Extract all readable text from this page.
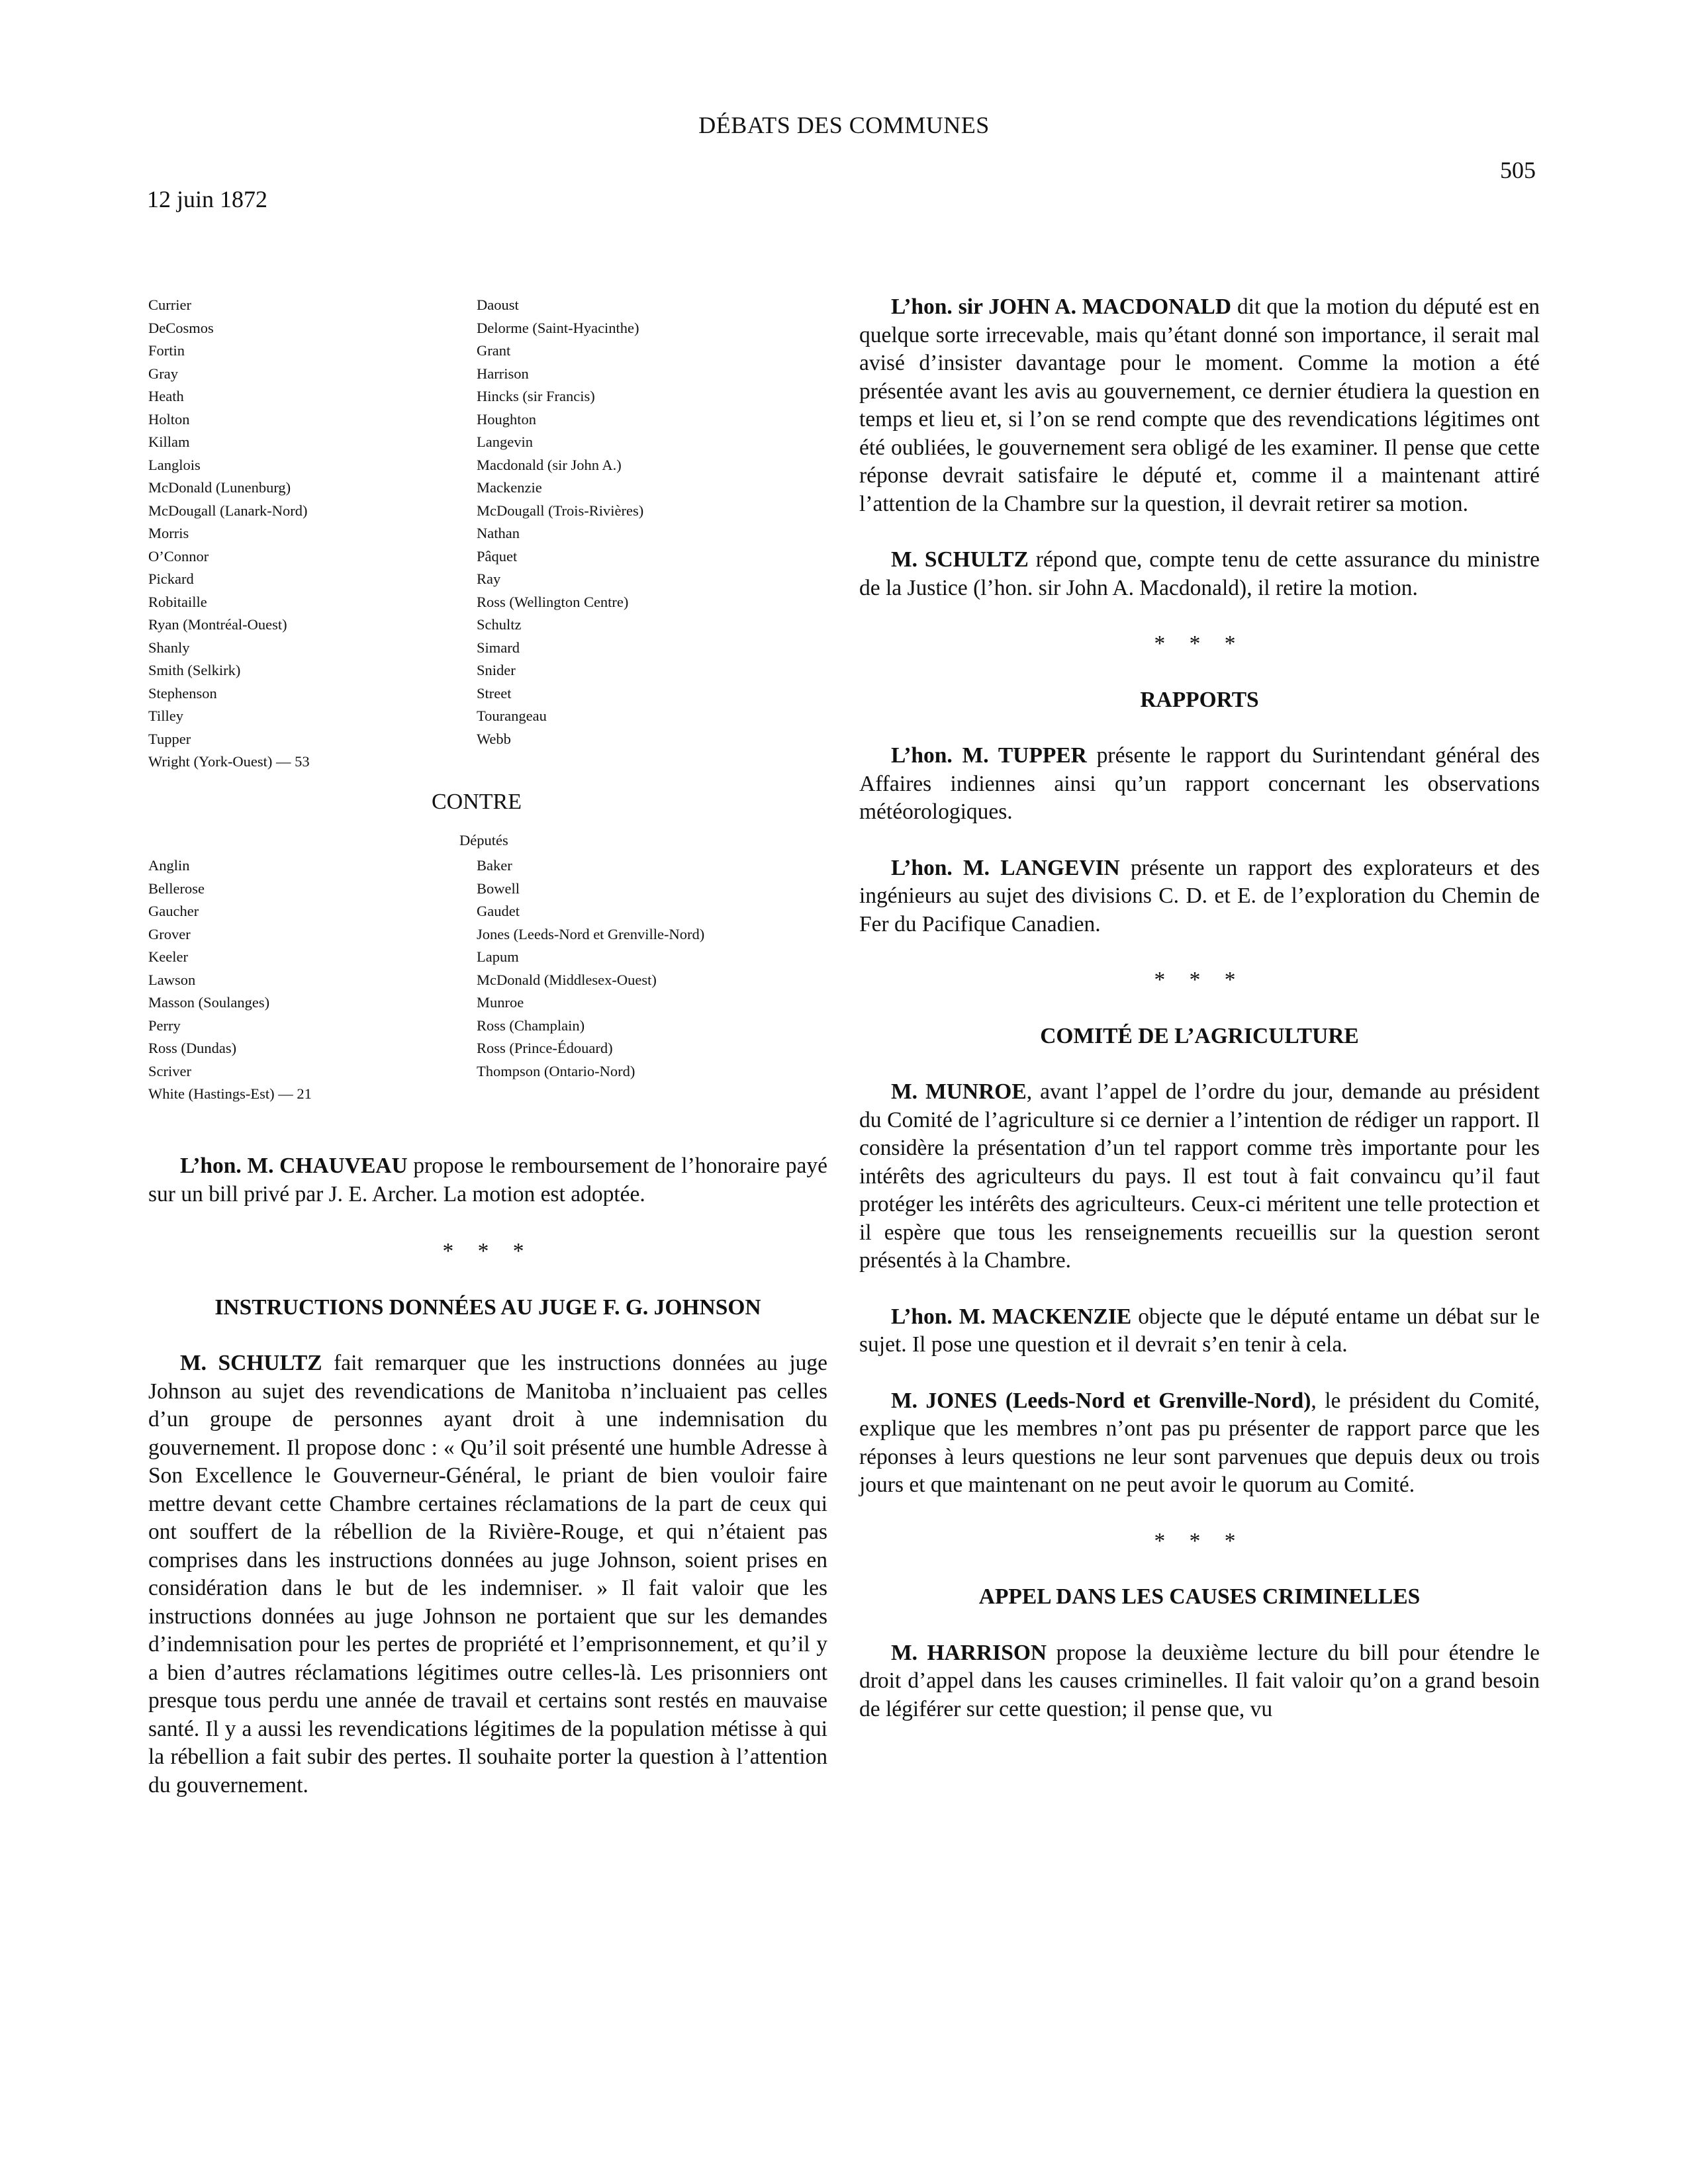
DÉBATS DES COMMUNES
505
12 juin 1872
Currier
DeCosmos
Fortin
Gray
Heath
Holton
Killam
Langlois
McDonald (Lunenburg)
McDougall (Lanark-Nord)
Morris
O’Connor
Pickard
Robitaille
Ryan (Montréal-Ouest)
Shanly
Smith (Selkirk)
Stephenson
Tilley
Tupper
Wright (York-Ouest) — 53
Daoust
Delorme (Saint-Hyacinthe)
Grant
Harrison
Hincks (sir Francis)
Houghton
Langevin
Macdonald (sir John A.)
Mackenzie
McDougall (Trois-Rivières)
Nathan
Pâquet
Ray
Ross (Wellington Centre)
Schultz
Simard
Snider
Street
Tourangeau
Webb
CONTRE
Députés
Anglin
Bellerose
Gaucher
Grover
Keeler
Lawson
Masson (Soulanges)
Perry
Ross (Dundas)
Scriver
White (Hastings-Est) — 21
Baker
Bowell
Gaudet
Jones (Leeds-Nord et Grenville-Nord)
Lapum
McDonald (Middlesex-Ouest)
Munroe
Ross (Champlain)
Ross (Prince-Édouard)
Thompson (Ontario-Nord)

L’hon. M. CHAUVEAU propose le remboursement de l’honoraire payé sur un bill privé par J. E. Archer. La motion est adoptée.

* * *
INSTRUCTIONS DONNÉES AU JUGE F. G. JOHNSON

M. SCHULTZ fait remarquer que les instructions données au juge Johnson au sujet des revendications de Manitoba n’incluaient pas celles d’un groupe de personnes ayant droit à une indemnisation du gouvernement. Il propose donc : « Qu’il soit présenté une humble Adresse à Son Excellence le Gouverneur-Général, le priant de bien vouloir faire mettre devant cette Chambre certaines réclamations de la part de ceux qui ont souffert de la rébellion de la Rivière-Rouge, et qui n’étaient pas comprises dans les instructions données au juge Johnson, soient prises en considération dans le but de les indemniser. » Il fait valoir que les instructions données au juge Johnson ne portaient que sur les demandes d’indemnisation pour les pertes de propriété et l’emprisonnement, et qu’il y a bien d’autres réclamations légitimes outre celles-là. Les prisonniers ont presque tous perdu une année de travail et certains sont restés en mauvaise santé. Il y a aussi les revendications légitimes de la population métisse à qui la rébellion a fait subir des pertes. Il souhaite porter la question à l’attention du gouvernement.

L’hon. sir JOHN A. MACDONALD dit que la motion du député est en quelque sorte irrecevable, mais qu’étant donné son importance, il serait mal avisé d’insister davantage pour le moment. Comme la motion a été présentée avant les avis au gouvernement, ce dernier étudiera la question en temps et lieu et, si l’on se rend compte que des revendications légitimes ont été oubliées, le gouvernement sera obligé de les examiner. Il pense que cette réponse devrait satisfaire le député et, comme il a maintenant attiré l’attention de la Chambre sur la question, il devrait retirer sa motion.

M. SCHULTZ répond que, compte tenu de cette assurance du ministre de la Justice (l’hon. sir John A. Macdonald), il retire la motion.

* * *
RAPPORTS

L’hon. M. TUPPER présente le rapport du Surintendant général des Affaires indiennes ainsi qu’un rapport concernant les observations météorologiques.

L’hon. M. LANGEVIN présente un rapport des explorateurs et des ingénieurs au sujet des divisions C. D. et E. de l’exploration du Chemin de Fer du Pacifique Canadien.

* * *
COMITÉ DE L’AGRICULTURE

M. MUNROE, avant l’appel de l’ordre du jour, demande au président du Comité de l’agriculture si ce dernier a l’intention de rédiger un rapport. Il considère la présentation d’un tel rapport comme très importante pour les intérêts des agriculteurs du pays. Il est tout à fait convaincu qu’il faut protéger les intérêts des agriculteurs. Ceux-ci méritent une telle protection et il espère que tous les renseignements recueillis sur la question seront présentés à la Chambre.

L’hon. M. MACKENZIE objecte que le député entame un débat sur le sujet. Il pose une question et il devrait s’en tenir à cela.

M. JONES (Leeds-Nord et Grenville-Nord), le président du Comité, explique que les membres n’ont pas pu présenter de rapport parce que les réponses à leurs questions ne leur sont parvenues que depuis deux ou trois jours et que maintenant on ne peut avoir le quorum au Comité.

* * *
APPEL DANS LES CAUSES CRIMINELLES

M. HARRISON propose la deuxième lecture du bill pour étendre le droit d’appel dans les causes criminelles. Il fait valoir qu’on a grand besoin de légiférer sur cette question; il pense que, vu
